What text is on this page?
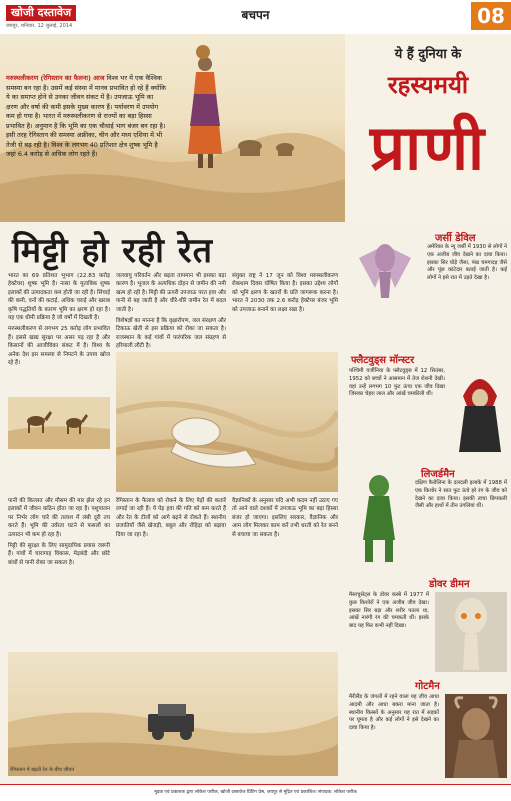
खोजी दस्तावेज
जयपुर, शनिवार, 12 जुलाई, 2014
बचपन	08
मरुस्थलीकरण (रेगिस्तान का फैलना) आज विश्व भर में एक वैश्विक समस्या बन रहा है। उसमें कई संस्था में मानव प्रभावित हो रहे हैं क्योंकि ये का समाप्त होने से उनका जीवन संकट में है। उपजाऊ भूमि का क्षरण और वर्षा की कमी इसके मुख्य कारण हैं। पर्यावरण में उपयोग कम हो गया है। भारत में मरुस्थलीकरण से राज्यों का बड़ा हिस्सा प्रभावित है। अनुमान है कि भूमि का एक चौथाई भाग बंजर बन रहा है। इसी तरह रेगिस्तान की समस्या अफ्रीका, चीन और मध्य एशिया में भी तेजी से बढ़ रही है। विश्व के लगभग 40 प्रतिशत क्षेत्र शुष्क भूमि है जहां 6.4 करोड़ से अधिक लोग रहते हैं।
ये हैं दुनिया के
रहस्यमयी
प्राणी
मिट्टी हो रही रेत

भारत का 69 प्रतिशत भूभाग (22.83 करोड़ हेक्टेयर) शुष्क भूमि है। नासा के मुताबिक शुष्क इलाकों की उत्पादकता कम होती जा रही है। सिंचाई की कमी, वनों की कटाई, अधिक चराई और खराब कृषि पद्धतियों के कारण भूमि का क्षरण हो रहा है। यह एक धीमी प्रक्रिया है जो वर्षों में दिखती है।

मरुस्थलीकरण से लगभग 25 करोड़ लोग प्रभावित हैं। इससे खाद्य सुरक्षा पर असर पड़ रहा है और किसानों की आजीविका संकट में है। विश्व के अनेक देश इस समस्या से निपटने के उपाय खोज रहे हैं।

जलवायु परिवर्तन और बढ़ता तापमान भी इसका बड़ा कारण है। भूजल के अत्यधिक दोहन से जमीन की नमी खत्म हो रही है। मिट्टी की ऊपरी उपजाऊ परत हवा और पानी से बह जाती है और धीरे-धीरे जमीन रेत में बदल जाती है।

विशेषज्ञों का मानना है कि वृक्षारोपण, जल संरक्षण और टिकाऊ खेती से इस प्रक्रिया को रोका जा सकता है। राजस्थान के कई गांवों में पारंपरिक जल संग्रहण से हरियाली लौटी है।

संयुक्त राष्ट्र ने 17 जून को विश्व मरुस्थलीकरण रोकथाम दिवस घोषित किया है। इसका उद्देश्य लोगों को भूमि क्षरण के खतरों के प्रति जागरूक करना है। भारत ने 2030 तक 2.6 करोड़ हेक्टेयर बंजर भूमि को उपजाऊ बनाने का लक्ष्य रखा है।

पानी की किल्लत और मौसम की मार झेल रहे इन इलाकों में जीवन कठिन होता जा रहा है। पशुपालन पर निर्भर लोग चारे की तलाश में लंबी दूरी तय करते हैं। भूमि की उर्वरता घटने से फसलों का उत्पादन भी कम हो रहा है।

मिट्टी की सुरक्षा के लिए सामुदायिक प्रयास जरूरी हैं। गांवों में चारागाह विकास, मेड़बंदी और छोटे बांधों से पानी रोका जा सकता है।

रेगिस्तान के फैलाव को रोकने के लिए पेड़ों की कतारें लगाई जा रही हैं। ये पेड़ हवा की गति को कम करते हैं और रेत के टीलों को आगे बढ़ने से रोकते हैं। स्थानीय प्रजातियों जैसे खेजड़ी, बबूल और रोहिड़ा को बढ़ावा दिया जा रहा है।

वैज्ञानिकों के अनुसार यदि अभी कदम नहीं उठाए गए तो आने वाले दशकों में उपजाऊ भूमि का बड़ा हिस्सा बंजर हो जाएगा। इसलिए सरकार, वैज्ञानिक और आम लोग मिलकर काम करें तभी धरती को रेत बनने से बचाया जा सकता है।

रेगिस्तान में बढ़ती रेत के बीच जीवन
जर्सी डेविल
अमेरिका के न्यू जर्सी में 1930 से लोगों ने एक अजीब जीव देखने का दावा किया। इसका सिर घोड़े जैसा, पंख चमगादड़ जैसे और पूंछ कांटेदार बताई जाती है। कई लोगों ने इसे रात में उड़ते देखा है।
फ्लैटवुड्स मॉन्स्टर
पश्चिमी वर्जीनिया के फ्लैटवुड्स में 12 सितंबर, 1952 को बच्चों ने आसमान में तेज रोशनी देखी। वहां उन्हें लगभग 10 फुट ऊंचा एक जीव दिखा जिसका चेहरा लाल और आंखें चमकीली थीं।
लिजर्डमैन
दक्षिण कैरोलिना के दलदली इलाके में 1988 में एक किशोर ने सात फुट ऊंचे हरे रंग के जीव को देखने का दावा किया। इसकी त्वचा छिपकली जैसी और हाथों में तीन उंगलियां थीं।
डोवर डीमन
मैसाचुसेट्स के डोवर कस्बे में 1977 में कुछ किशोरों ने एक अजीब जीव देखा। इसका सिर बड़ा और शरीर पतला था, आंखें नारंगी रंग की चमकती थीं। इसके बाद यह फिर कभी नहीं दिखा।
गोटमैन
मैरीलैंड के जंगलों में रहने वाला यह जीव आधा आदमी और आधा बकरा माना जाता है। स्थानीय किस्सों के अनुसार यह रात में सड़कों पर घूमता है और कई लोगों ने इसे देखने का दावा किया है।
मुद्रक एवं प्रकाशक द्वारा लोकेश पारीक, खोजी दस्तावेज प्रिंटिंग प्रेस, जयपुर से मुद्रित एवं प्रकाशित। संपादक: लोकेश पारीक
